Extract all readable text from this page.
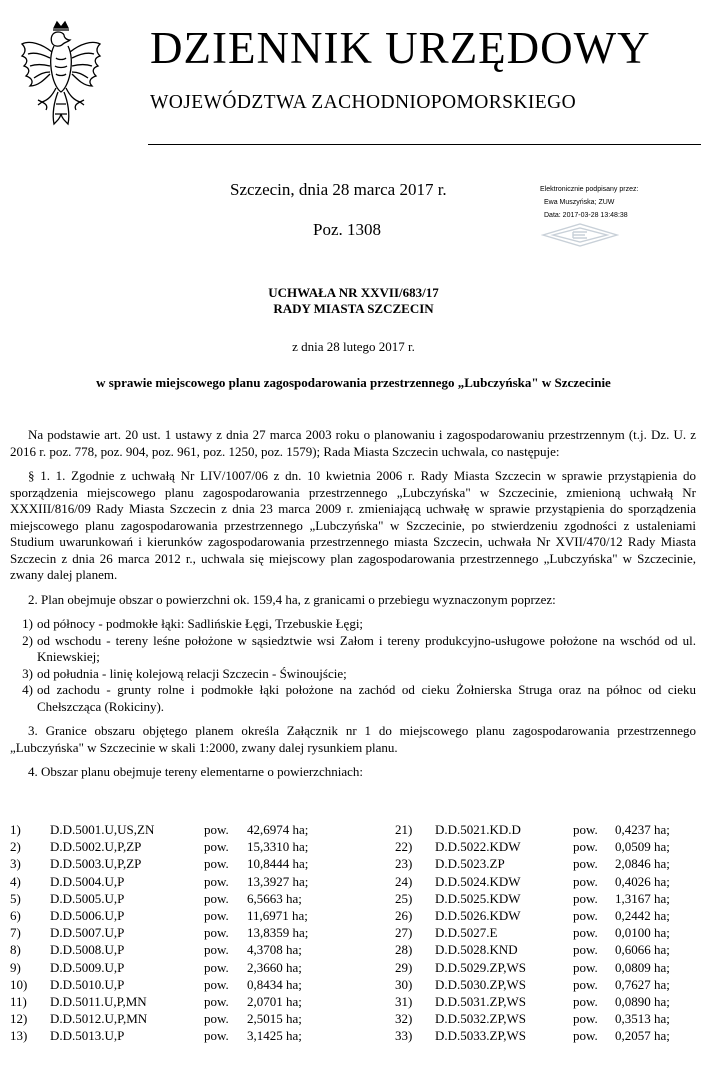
DZIENNIK URZĘDOWY
WOJEWÓDZTWA ZACHODNIOPOMORSKIEGO
Szczecin, dnia 28 marca 2017 r.
Poz. 1308
Elektronicznie podpisany przez:
Ewa Muszyńska; ZUW
Data: 2017-03-28 13:48:38
UCHWAŁA NR XXVII/683/17
RADY MIASTA SZCZECIN
z dnia 28 lutego 2017 r.
w sprawie miejscowego planu zagospodarowania przestrzennego „Lubczyńska" w Szczecinie

Na podstawie art. 20 ust. 1 ustawy z dnia 27 marca 2003 roku o planowaniu i zagospodarowaniu przestrzennym (t.j. Dz. U. z 2016 r. poz. 778, poz. 904, poz. 961, poz. 1250, poz. 1579); Rada Miasta Szczecin uchwala, co następuje:

§ 1. 1. Zgodnie z uchwałą Nr LIV/1007/06 z dn. 10 kwietnia 2006 r. Rady Miasta Szczecin w sprawie przystąpienia do sporządzenia miejscowego planu zagospodarowania przestrzennego „Lubczyńska" w Szczecinie, zmienioną uchwałą Nr XXXIII/816/09 Rady Miasta Szczecin z dnia 23 marca 2009 r. zmieniającą uchwałę w sprawie przystąpienia do sporządzenia miejscowego planu zagospodarowania przestrzennego „Lubczyńska" w Szczecinie, po stwierdzeniu zgodności z ustaleniami Studium uwarunkowań i kierunków zagospodarowania przestrzennego miasta Szczecin, uchwała Nr XVII/470/12 Rady Miasta Szczecin z dnia 26 marca 2012 r., uchwala się miejscowy plan zagospodarowania przestrzennego „Lubczyńska" w Szczecinie, zwany dalej planem.

2. Plan obejmuje obszar o powierzchni ok. 159,4 ha, z granicami o przebiegu wyznaczonym poprzez:

1) od północy - podmokłe łąki: Sadlińskie Łęgi, Trzebuskie Łęgi;
2) od wschodu - tereny leśne położone w sąsiedztwie wsi Załom i tereny produkcyjno-usługowe położone na wschód od ul. Kniewskiej;
3) od południa - linię kolejową relacji Szczecin - Świnoujście;
4) od zachodu - grunty rolne i podmokłe łąki położone na zachód od cieku Żołnierska Struga oraz na północ od cieku Chełszcząca (Rokiciny).

3. Granice obszaru objętego planem określa Załącznik nr 1 do miejscowego planu zagospodarowania przestrzennego „Lubczyńska" w Szczecinie w skali 1:2000, zwany dalej rysunkiem planu.

4. Obszar planu obejmuje tereny elementarne o powierzchniach:

1)	D.D.5001.U,US,ZN	pow.	42,6974 ha;	21)	D.D.5021.KD.D	pow.	0,4237 ha;
2)	D.D.5002.U,P,ZP	pow.	15,3310 ha;	22)	D.D.5022.KDW	pow.	0,0509 ha;
3)	D.D.5003.U,P,ZP	pow.	10,8444 ha;	23)	D.D.5023.ZP	pow.	2,0846 ha;
4)	D.D.5004.U,P	pow.	13,3927 ha;	24)	D.D.5024.KDW	pow.	0,4026 ha;
5)	D.D.5005.U,P	pow.	6,5663 ha;	25)	D.D.5025.KDW	pow.	1,3167 ha;
6)	D.D.5006.U,P	pow.	11,6971 ha;	26)	D.D.5026.KDW	pow.	0,2442 ha;
7)	D.D.5007.U,P	pow.	13,8359 ha;	27)	D.D.5027.E	pow.	0,0100 ha;
8)	D.D.5008.U,P	pow.	4,3708 ha;	28)	D.D.5028.KND	pow.	0,6066 ha;
9)	D.D.5009.U,P	pow.	2,3660 ha;	29)	D.D.5029.ZP,WS	pow.	0,0809 ha;
10)	D.D.5010.U,P	pow.	0,8434 ha;	30)	D.D.5030.ZP,WS	pow.	0,7627 ha;
11)	D.D.5011.U,P,MN	pow.	2,0701 ha;	31)	D.D.5031.ZP,WS	pow.	0,0890 ha;
12)	D.D.5012.U,P,MN	pow.	2,5015 ha;	32)	D.D.5032.ZP,WS	pow.	0,3513 ha;
13)	D.D.5013.U,P	pow.	3,1425 ha;	33)	D.D.5033.ZP,WS	pow.	0,2057 ha;
